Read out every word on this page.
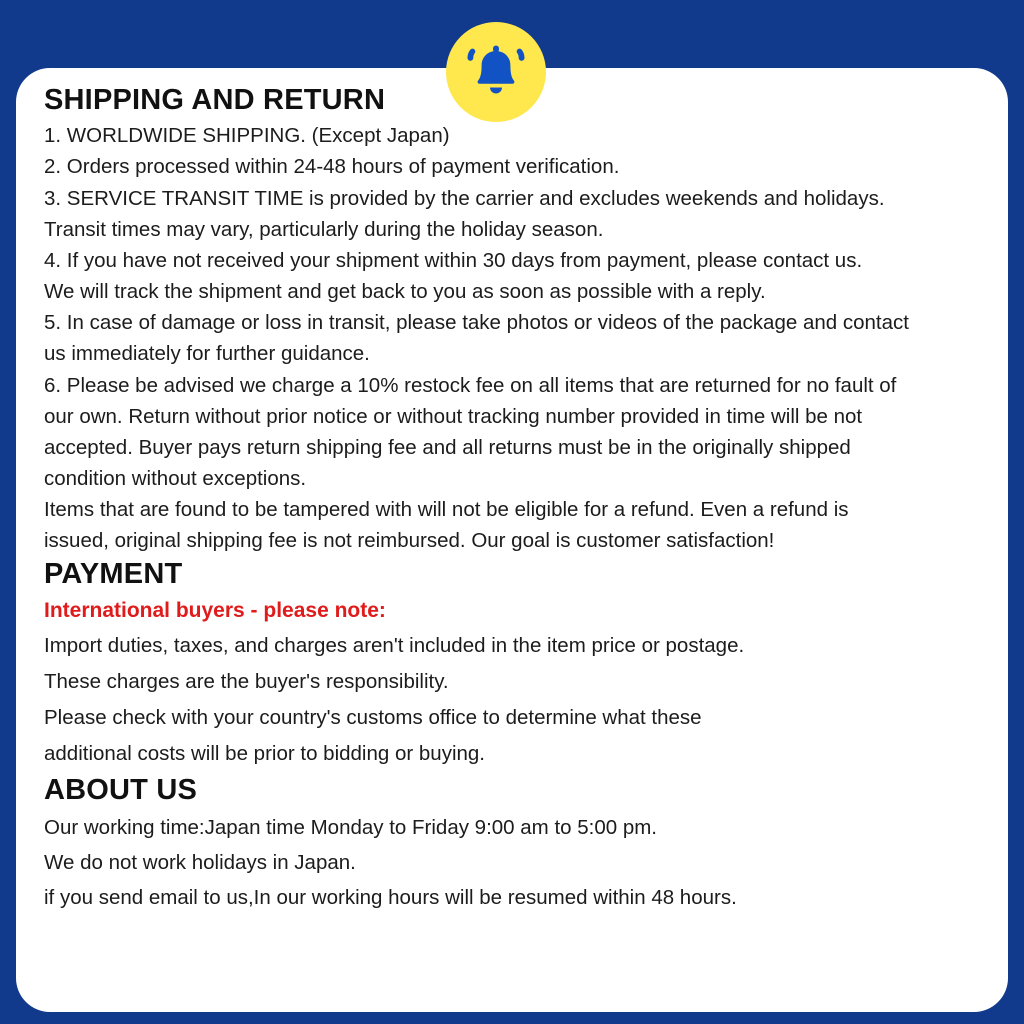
SHIPPING AND RETURN

1. WORLDWIDE SHIPPING. (Except Japan)

2. Orders processed within 24-48 hours of payment verification.

3. SERVICE TRANSIT TIME is provided by the carrier and excludes weekends and holidays.

Transit times may vary, particularly during the holiday season.

4. If you have not received your shipment within 30 days from payment, please contact us.

We will track the shipment and get back to you as soon as possible with a reply.

5. In case of damage or loss in transit, please take photos or videos of the package and contact

us immediately for further guidance.

6. Please be advised we charge a 10% restock fee on all items that are returned for no fault of

our own. Return without prior notice or without tracking number provided in time will be not

accepted. Buyer pays return shipping fee and all returns must be in the originally shipped

condition without exceptions.

Items that are found to be tampered with will not be eligible for a refund. Even a refund is

issued, original shipping fee is not reimbursed. Our goal is customer satisfaction!

PAYMENT

International buyers - please note:

Import duties, taxes, and charges aren't included in the item price or postage.

These charges are the buyer's responsibility.

Please check with your country's customs office to determine what these

additional costs will be prior to bidding or buying.

ABOUT US

Our working time:Japan time Monday to Friday 9:00 am to 5:00 pm.

We do not work holidays in Japan.

if you send email to us,In our working hours will be resumed within 48 hours.
